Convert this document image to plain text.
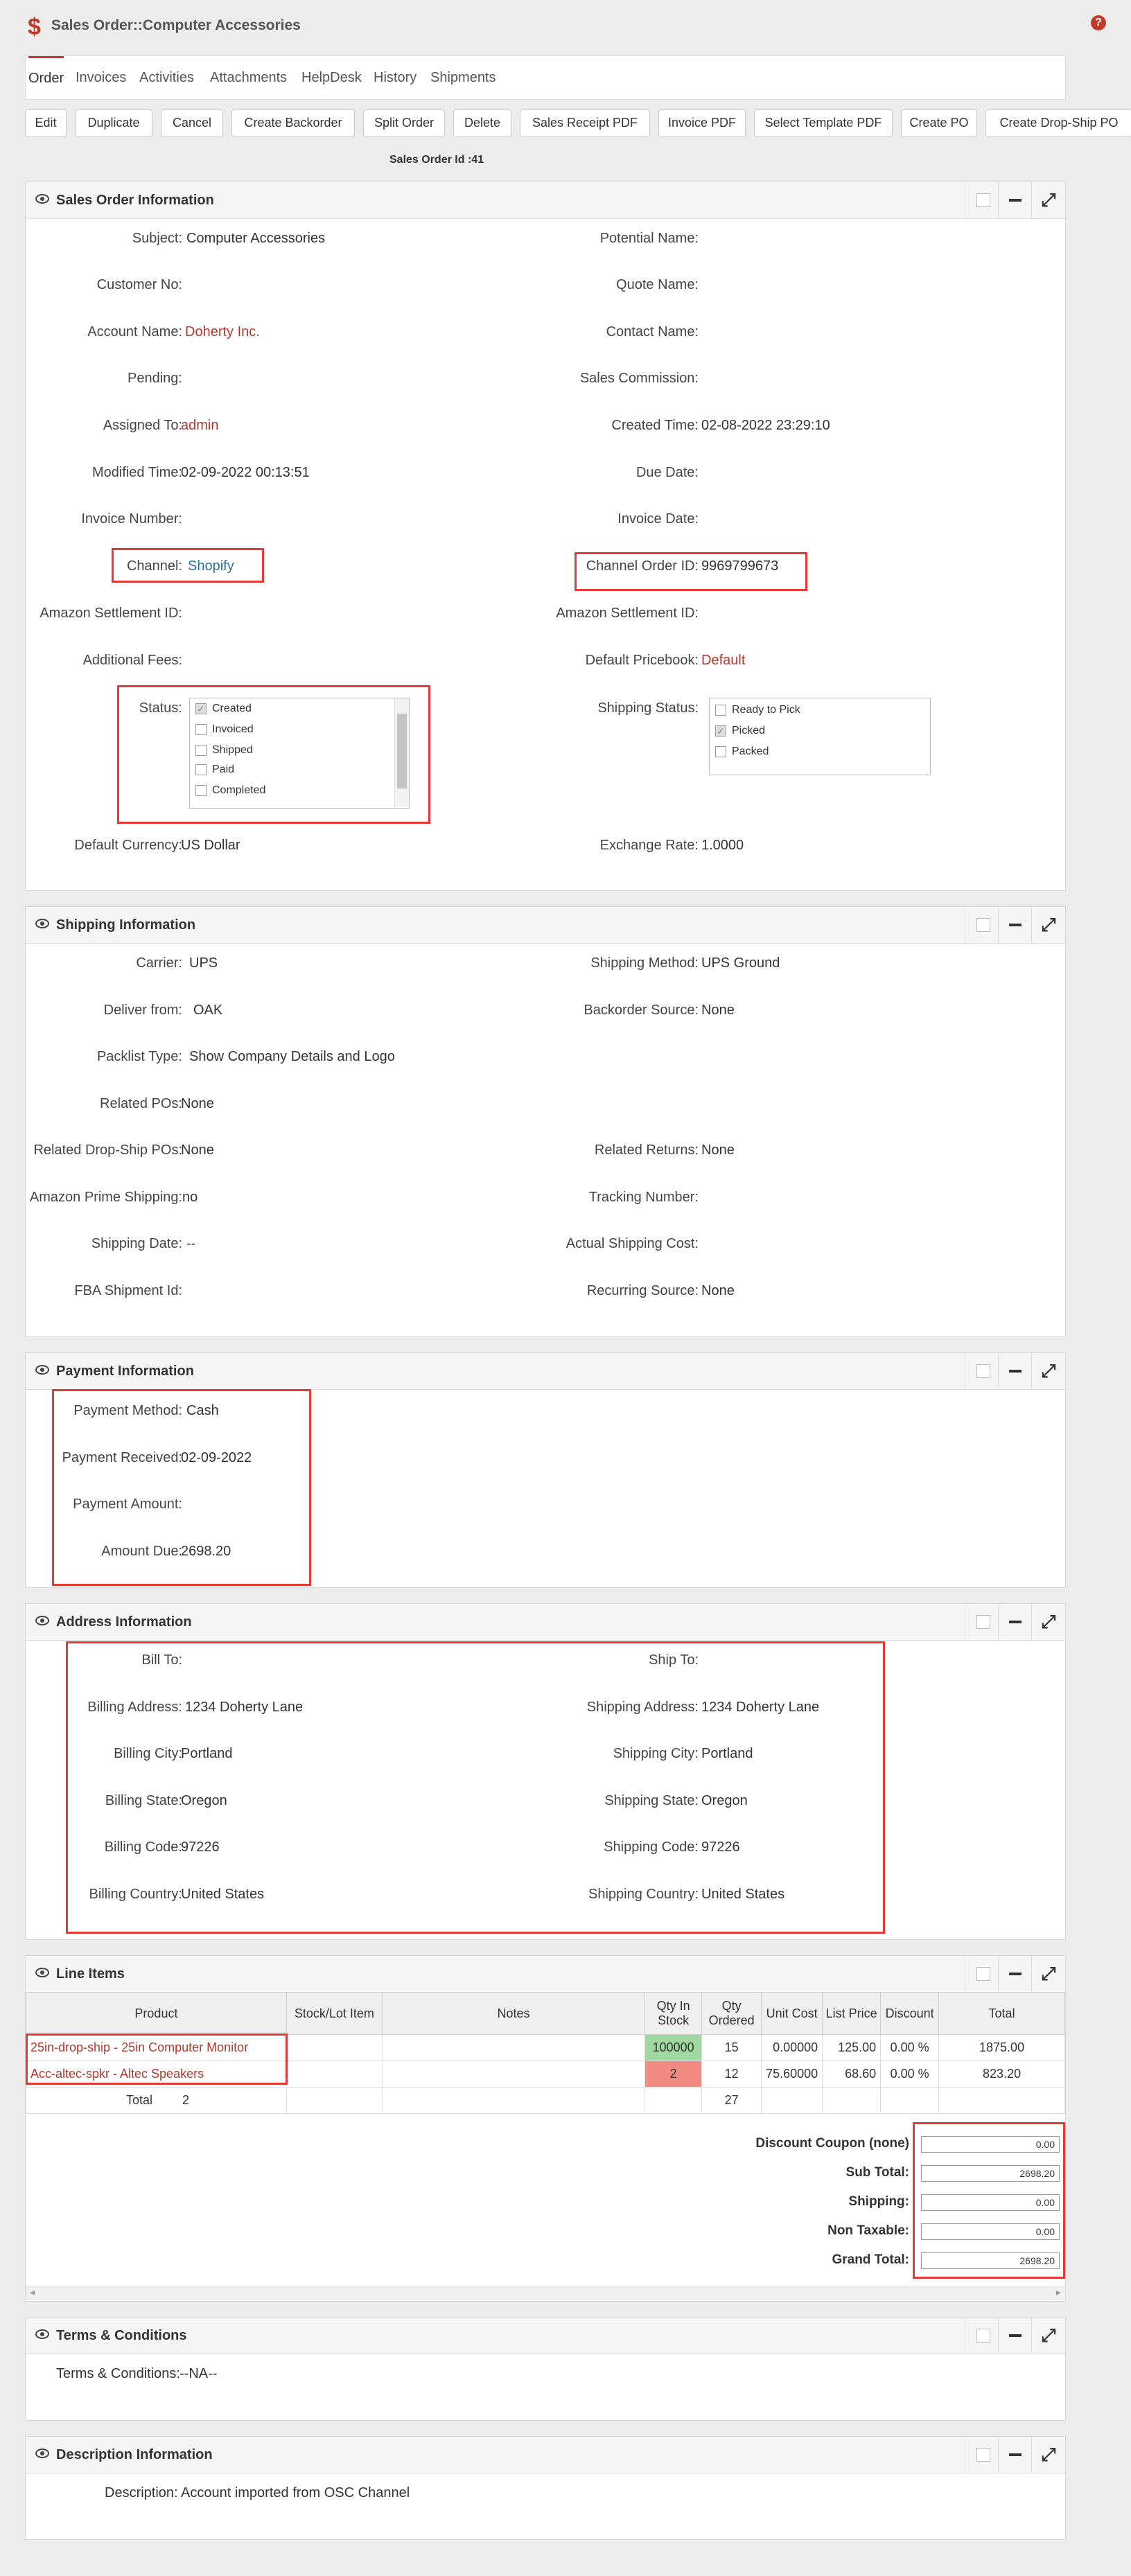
$ Sales Order::Computer Accessories	?
Order Invoices Activities Attachments HelpDesk History Shipments
Edit	Duplicate	Cancel	Create Backorder	Split Order	Delete	Sales Receipt PDF	Invoice PDF	Select Template PDF	Create PO	Create Drop-Ship PO
Sales Order Id :41
Sales Order Information	⤢
Subject: Computer Accessories
Customer No:
Account Name: Doherty Inc.
Pending:
Assigned To:
admin
Modified Time:
02-09-2022 00:13:51
Invoice Number:
Channel: Shopify
Amazon Settlement ID:
Additional Fees:
Status: ✓	Created
Invoiced
Shipped
Paid
Completed
Default Currency:
US Dollar
Potential Name:
Quote Name:
Contact Name:
Sales Commission:
Created Time: 02-08-2022 23:29:10
Due Date:
Invoice Date:
Channel Order ID: 9969799673
Amazon Settlement ID:
Default Pricebook: Default
Shipping Status:	Ready to Pick
✓Picked
Packed
Exchange Rate: 1.0000
Shipping Information	⤢
Carrier: UPS
Deliver from: OAK
Packlist Type: Show Company Details and Logo
Related POs:
None
Related Drop-Ship POs:
None
Amazon Prime Shipping: no
Shipping Date: --
FBA Shipment Id:
Shipping Method: UPS Ground
Backorder Source: None
Related Returns: None
Tracking Number:
Actual Shipping Cost:
Recurring Source: None
Payment Information	⤢
Payment Method: Cash
Payment Received:
02-09-2022
Payment Amount:
Amount Due:
2698.20
Address Information	⤢
Bill To:
Billing Address: 1234 Doherty Lane
Billing City:
Portland
Billing State:
Oregon
Billing Code:
97226
Billing Country:
United States
Ship To:
Shipping Address: 1234 Doherty Lane
Shipping City: Portland
Shipping State: Oregon
Shipping Code: 97226
Shipping Country: United States
Line Items	⤢
Product	Stock/Lot Item	Notes	Qty In Stock	Qty Ordered	Unit Cost	List Price	Discount	Total
25in-drop-ship - 25in Computer Monitor			100000	15	0.00000	125.00	0.00 %	1875.00
Acc-altec-spkr - Altec Speakers			2	12	75.60000	68.60	0.00 %	823.20
Total 2				27				
Discount Coupon (none)	0.00
Sub Total:	2698.20
Shipping:	0.00
Non Taxable:	0.00
Grand Total:	2698.20
◂	▸
Terms & Conditions	⤢
Terms & Conditions: --NA--
Description Information	⤢
Description: Account imported from OSC Channel
